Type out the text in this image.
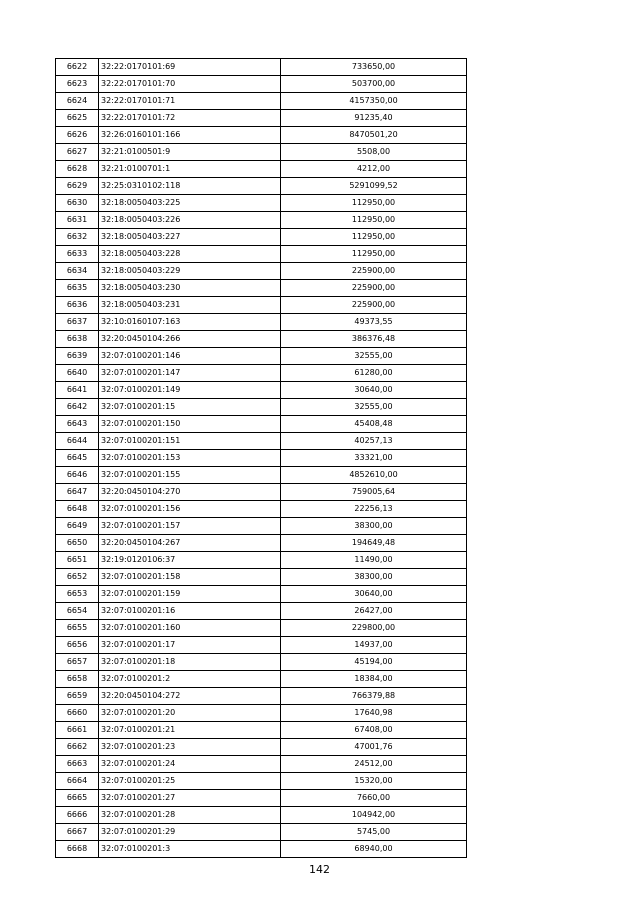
6622	32:22:0170101:69	733650,00
6623	32:22:0170101:70	503700,00
6624	32:22:0170101:71	4157350,00
6625	32:22:0170101:72	91235,40
6626	32:26:0160101:166	8470501,20
6627	32:21:0100501:9	5508,00
6628	32:21:0100701:1	4212,00
6629	32:25:0310102:118	5291099,52
6630	32:18:0050403:225	112950,00
6631	32:18:0050403:226	112950,00
6632	32:18:0050403:227	112950,00
6633	32:18:0050403:228	112950,00
6634	32:18:0050403:229	225900,00
6635	32:18:0050403:230	225900,00
6636	32:18:0050403:231	225900,00
6637	32:10:0160107:163	49373,55
6638	32:20:0450104:266	386376,48
6639	32:07:0100201:146	32555,00
6640	32:07:0100201:147	61280,00
6641	32:07:0100201:149	30640,00
6642	32:07:0100201:15	32555,00
6643	32:07:0100201:150	45408,48
6644	32:07:0100201:151	40257,13
6645	32:07:0100201:153	33321,00
6646	32:07:0100201:155	4852610,00
6647	32:20:0450104:270	759005,64
6648	32:07:0100201:156	22256,13
6649	32:07:0100201:157	38300,00
6650	32:20:0450104:267	194649,48
6651	32:19:0120106:37	11490,00
6652	32:07:0100201:158	38300,00
6653	32:07:0100201:159	30640,00
6654	32:07:0100201:16	26427,00
6655	32:07:0100201:160	229800,00
6656	32:07:0100201:17	14937,00
6657	32:07:0100201:18	45194,00
6658	32:07:0100201:2	18384,00
6659	32:20:0450104:272	766379,88
6660	32:07:0100201:20	17640,98
6661	32:07:0100201:21	67408,00
6662	32:07:0100201:23	47001,76
6663	32:07:0100201:24	24512,00
6664	32:07:0100201:25	15320,00
6665	32:07:0100201:27	7660,00
6666	32:07:0100201:28	104942,00
6667	32:07:0100201:29	5745,00
6668	32:07:0100201:3	68940,00
142
